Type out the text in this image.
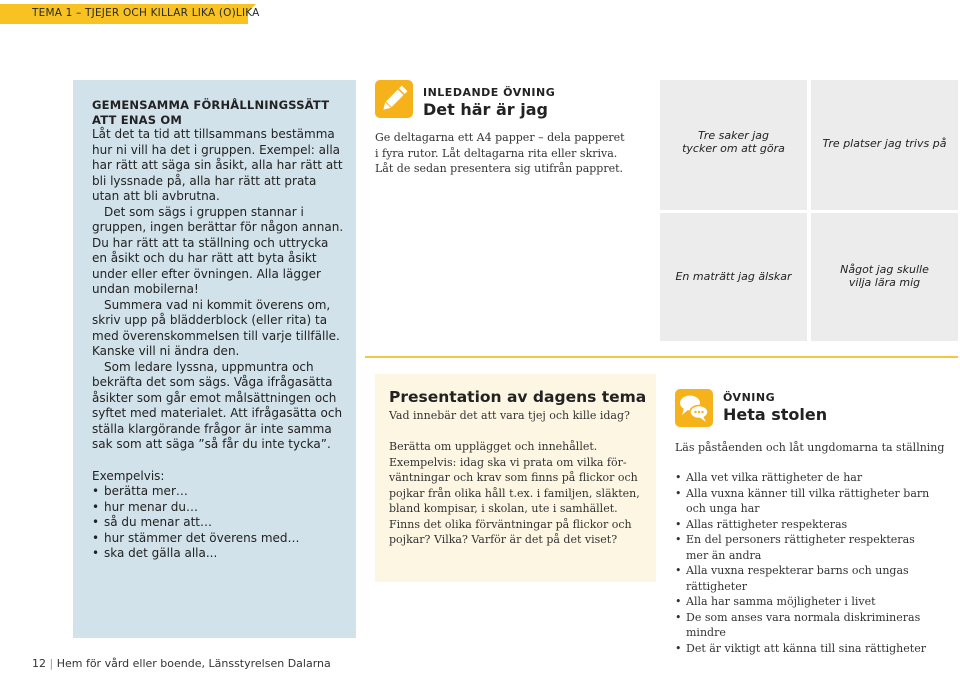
TEMA 1 – TJEJER OCH KILLAR LIKA (O)LIKA
GEMENSAMMA FÖRHÅLLNINGSSÄTT
ATT ENAS OM

Låt det ta tid att tillsammans bestämma hur ni vill ha det i gruppen. Exempel: alla har rätt att säga sin åsikt, alla har rätt att bli lyssnade på, alla har rätt att prata utan att bli avbrutna.

Det som sägs i gruppen stannar i gruppen, ingen berättar för någon annan. Du har rätt att ta ställning och uttrycka en åsikt och du har rätt att byta åsikt under eller efter övningen. Alla lägger undan mobilerna!

Summera vad ni kommit överens om, skriv upp på blädderblock (eller rita) ta med överenskommelsen till varje tillfälle. Kanske vill ni ändra den.

Som ledare lyssna, uppmuntra och bekräfta det som sägs. Våga ifrågasätta åsikter som går emot målsättningen och syftet med materialet. Att ifrågasätta och ställa klargörande frågor är inte samma sak som att säga ”så får du inte tycka”.

Exempelvis:

• berätta mer…
• hur menar du…
• så du menar att…
• hur stämmer det överens med…
• ska det gälla alla...
INLEDANDE ÖVNING
Det här är jag

Ge deltagarna ett A4 papper – dela papperet

i fyra rutor. Låt deltagarna rita eller skriva.

Låt de sedan presentera sig utifrån pappret.

Tre saker jag
tycker om att göra	Tre platser jag trivs på
En maträtt jag älskar
Något jag skulle
vilja lära mig
Presentation av dagens tema
Vad innebär det att vara tjej och kille idag?
Berätta om upplägget och innehållet.
Exempelvis: idag ska vi prata om vilka för-
väntningar och krav som finns på flickor och
pojkar från olika håll t.ex. i familjen, släkten,
bland kompisar, i skolan, ute i samhället.
Finns det olika förväntningar på flickor och
pojkar? Vilka? Varför är det på det viset?
ÖVNING
Heta stolen
Läs påståenden och låt ungdomarna ta ställning
• Alla vet vilka rättigheter de har
• Alla vuxna känner till vilka rättigheter barn
och unga har
• Allas rättigheter respekteras
• En del personers rättigheter respekteras
mer än andra
• Alla vuxna respekterar barns och ungas
rättigheter
• Alla har samma möjligheter i livet
• De som anses vara normala diskrimineras mindre
• Det är viktigt att känna till sina rättigheter
12 | Hem för vård eller boende, Länsstyrelsen Dalarna
